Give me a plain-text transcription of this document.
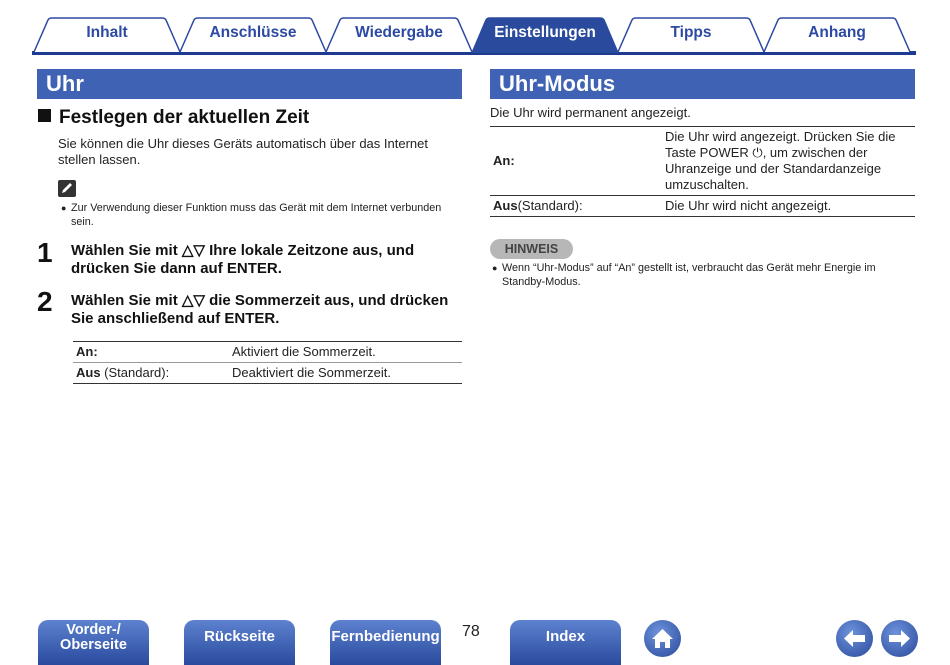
Inhalt	Anschlüsse	Wiedergabe	Einstellungen	Tipps	Anhang
Uhr
Festlegen der aktuellen Zeit
Sie können die Uhr dieses Geräts automatisch über das Internet stellen lassen.
● Zur Verwendung dieser Funktion muss das Gerät mit dem Internet verbunden
sein.
1 Wählen Sie mit △▽ Ihre lokale Zeitzone aus, und
drücken Sie dann auf ENTER.
2 Wählen Sie mit △▽ die Sommerzeit aus, und drücken
Sie anschließend auf ENTER.
An:	Aktiviert die Sommerzeit.
Aus (Standard):	Deaktiviert die Sommerzeit.
Uhr-Modus
Die Uhr wird permanent angezeigt.
An:	Die Uhr wird angezeigt. Drücken Sie die
Taste POWER ⏻, um zwischen der
Uhranzeige und der Standardanzeige
umzuschalten.

Aus(Standard):	Die Uhr wird nicht angezeigt.
HINWEIS
● Wenn “Uhr-Modus” auf “An” gestellt ist, verbraucht das Gerät mehr Energie im
Standby-Modus.
Vorder-/
Oberseite	Rückseite	Fernbedienung 78	Index
